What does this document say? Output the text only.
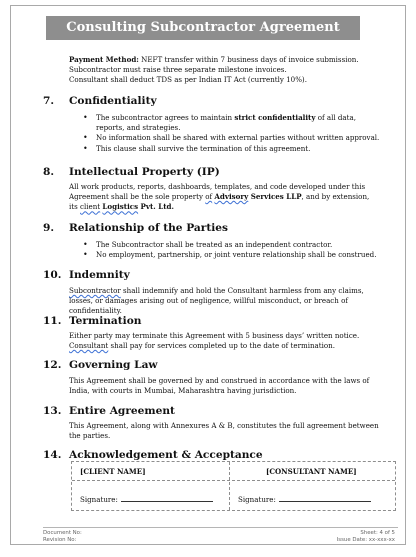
Consulting Subcontractor Agreement Template
Payment Method: NEFT transfer within 7 business days of invoice submission.
Subcontractor must raise three separate milestone invoices.
Consultant shall deduct TDS as per Indian IT Act (currently 10%).
7. Confidentiality
• The subcontractor agrees to maintain strict confidentiality of all data, reports, and strategies.
• No information shall be shared with external parties without written approval.
• This clause shall survive the termination of this agreement.
8. Intellectual Property (IP)
All work products, reports, dashboards, templates, and code developed under this Agreement shall be the sole property of Advisory Services LLP, and by extension, its client Logistics Pvt. Ltd.
9. Relationship of the Parties
• The Subcontractor shall be treated as an independent contractor.
• No employment, partnership, or joint venture relationship shall be construed.
10. Indemnity
Subcontractor shall indemnify and hold the Consultant harmless from any claims, losses, or damages arising out of negligence, willful misconduct, or breach of confidentiality.
11. Termination
Either party may terminate this Agreement with 5 business days’ written notice. Consultant shall pay for services completed up to the date of termination.
12. Governing Law
This Agreement shall be governed by and construed in accordance with the laws of India, with courts in Mumbai, Maharashtra having jurisdiction.
13. Entire Agreement
This Agreement, along with Annexures A & B, constitutes the full agreement between the parties.
14. Acknowledgement & Acceptance
[CLIENT NAME]	[CONSULTANT NAME]
Signature:	Signature:
Document No:
Revision No:
Sheet: 4 of 5
Issue Date: xx-xxx-xx
